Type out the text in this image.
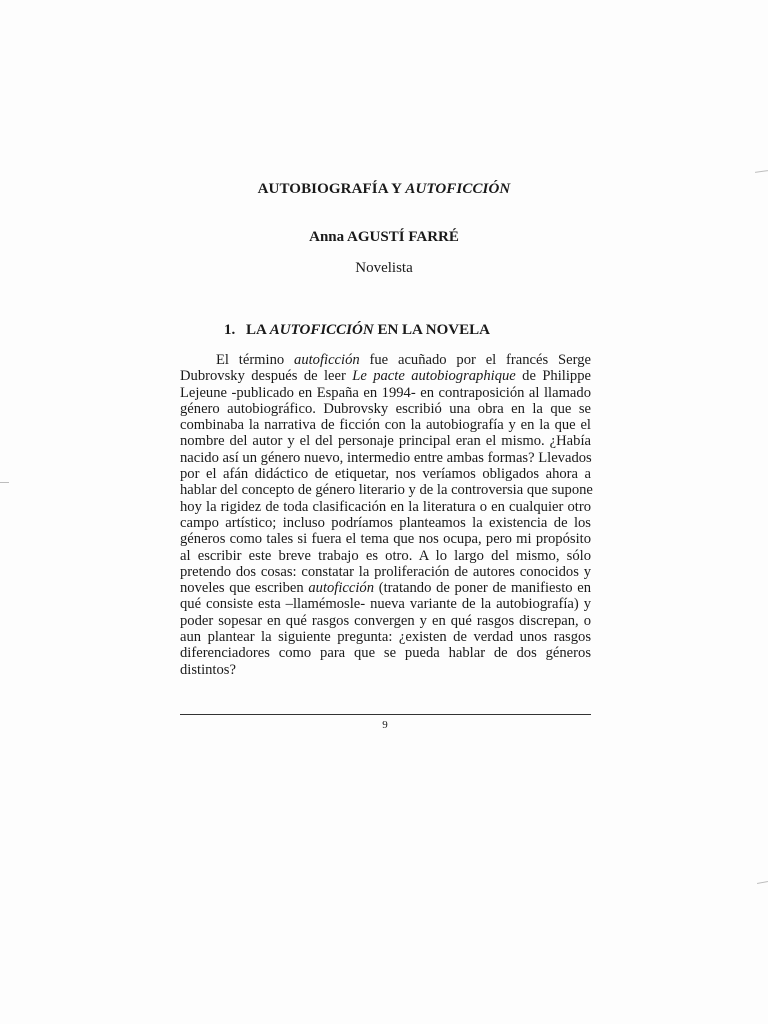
AUTOBIOGRAFÍA Y AUTOFICCIÓN
Anna AGUSTÍ FARRÉ
Novelista
1. LA AUTOFICCIÓN EN LA NOVELA
El término autoficción fue acuñado por el francés Serge
Dubrovsky después de leer Le pacte autobiographique de Philippe
Lejeune -publicado en España en 1994- en contraposición al llamado
género autobiográfico. Dubrovsky escribió una obra en la que se
combinaba la narrativa de ficción con la autobiografía y en la que el
nombre del autor y el del personaje principal eran el mismo. ¿Había
nacido así un género nuevo, intermedio entre ambas formas? Llevados
por el afán didáctico de etiquetar, nos veríamos obligados ahora a
hablar del concepto de género literario y de la controversia que supone
hoy la rigidez de toda clasificación en la literatura o en cualquier otro
campo artístico; incluso podríamos planteamos la existencia de los
géneros como tales si fuera el tema que nos ocupa, pero mi propósito
al escribir este breve trabajo es otro. A lo largo del mismo, sólo
pretendo dos cosas: constatar la proliferación de autores conocidos y
noveles que escriben autoficción (tratando de poner de manifiesto en
qué consiste esta –llamémosle- nueva variante de la autobiografía) y
poder sopesar en qué rasgos convergen y en qué rasgos discrepan, o
aun plantear la siguiente pregunta: ¿existen de verdad unos rasgos
diferenciadores como para que se pueda hablar de dos géneros
distintos?
9
